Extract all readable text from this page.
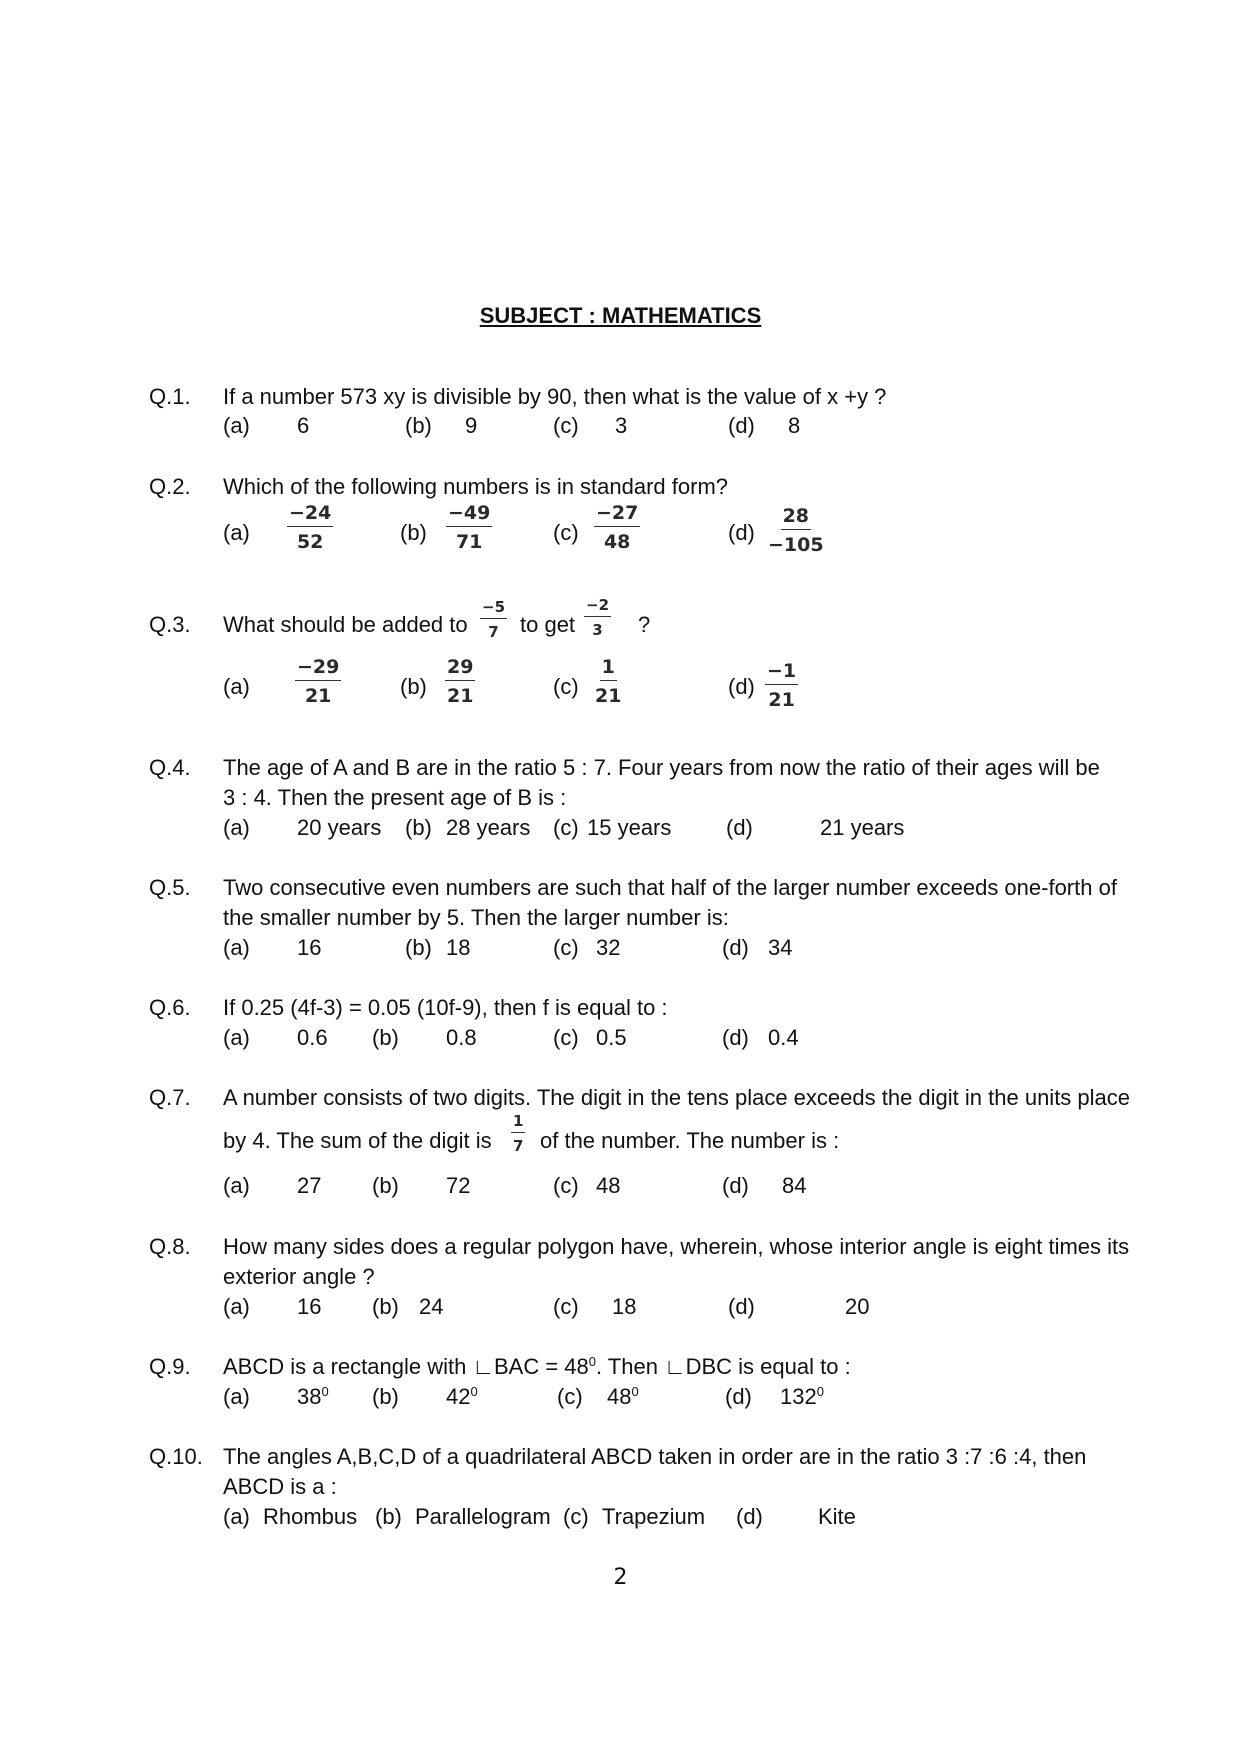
SUBJECT : MATHEMATICS
Q.1. If a number 573 xy is divisible by 90, then what is the value of x +y ?
(a) 6	(b) 9	(c) 3	(d) 8
Q.2. Which of the following numbers is in standard form?
$(a) \frac{-24}{52}$	$(b) \frac{-49}{71}$	$(c) \frac{-27}{48}$	$(d) \frac{28}{-105}$
Q.3. What should be added to $\frac{-5}{7}$ to get $\frac{-2}{3}$ ?
$(a) \frac{-29}{21}$	$(b) \frac{29}{21}$	$(c) \frac{1}{21}$	$(d) \frac{-1}{21}$
Q.4. The age of A and B are in the ratio 5 : 7. Four years from now the ratio of their ages will be
3 : 4. Then the present age of B is :
(a) 20 years (b) 28 years (c) 15 years (d)	21 years
Q.5. Two consecutive even numbers are such that half of the larger number exceeds one-forth of
the smaller number by 5. Then the larger number is:
(a) 16	(b) 18	(c) 32	(d) 34
Q.6. If 0.25 (4f-3) = 0.05 (10f-9), then f is equal to :
(a) 0.6 (b) 0.8	(c) 0.5	(d) 0.4
Q.7. A number consists of two digits. The digit in the tens place exceeds the digit in the units place
by 4. The sum of the digit is $\frac{1}{7}$ of the number. The number is :
(a) 27 (b) 72	(c) 48	(d) 84
Q.8. How many sides does a regular polygon have, wherein, whose interior angle is eight times its
exterior angle ?
(a) 16 (b) 24	(c) 18	(d)	20
Q.9. ABCD is a rectangle with ∟BAC = $48^0$. Then ∟DBC is equal to :
(a) $38^0$ (b) $42^0$	(c) $48^0$	(d) $132^0$
Q.10. The angles A,B,C,D of a quadrilateral ABCD taken in order are in the ratio 3 :7 :6 :4, then
ABCD is a :
(a) Rhombus (b) Parallelogram (c) Trapezium (d)	Kite
2
